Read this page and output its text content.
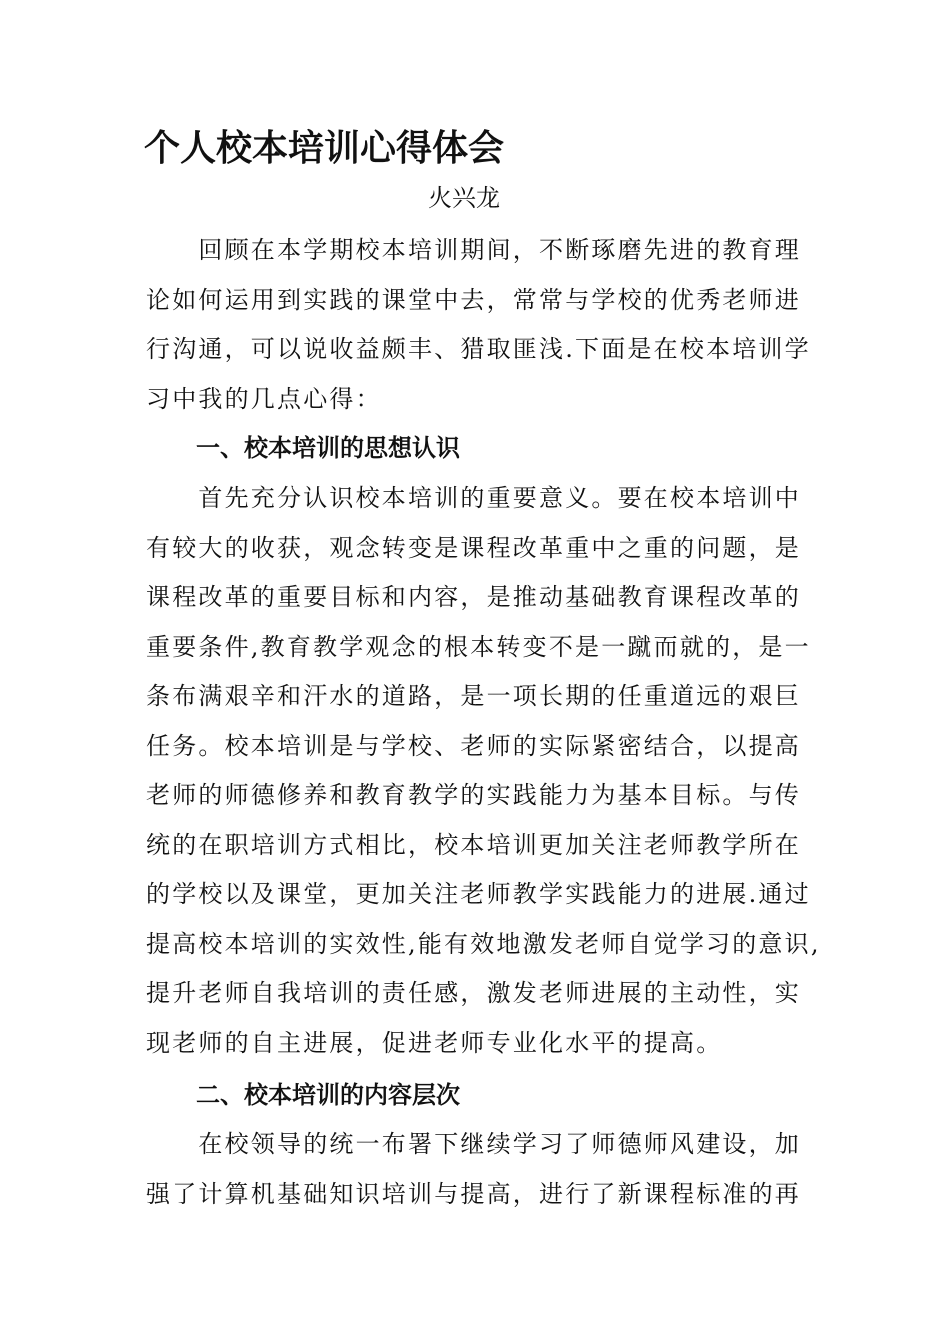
个人校本培训心得体会
火兴龙
　　回顾在本学期校本培训期间，不断琢磨先进的教育理
论如何运用到实践的课堂中去，常常与学校的优秀老师进
行沟通，可以说收益颇丰、猎取匪浅.下面是在校本培训学
习中我的几点心得：
一、校本培训的思想认识
　　首先充分认识校本培训的重要意义。要在校本培训中
有较大的收获，观念转变是课程改革重中之重的问题，是
课程改革的重要目标和内容，是推动基础教育课程改革的
重要条件,教育教学观念的根本转变不是一蹴而就的，是一
条布满艰辛和汗水的道路，是一项长期的任重道远的艰巨
任务。校本培训是与学校、老师的实际紧密结合，以提高
老师的师德修养和教育教学的实践能力为基本目标。与传
统的在职培训方式相比，校本培训更加关注老师教学所在
的学校以及课堂，更加关注老师教学实践能力的进展.通过
提高校本培训的实效性,能有效地激发老师自觉学习的意识,
提升老师自我培训的责任感，激发老师进展的主动性，实
现老师的自主进展，促进老师专业化水平的提高。
二、校本培训的内容层次
　　在校领导的统一布署下继续学习了师德师风建设，加
强了计算机基础知识培训与提高，进行了新课程标准的再
